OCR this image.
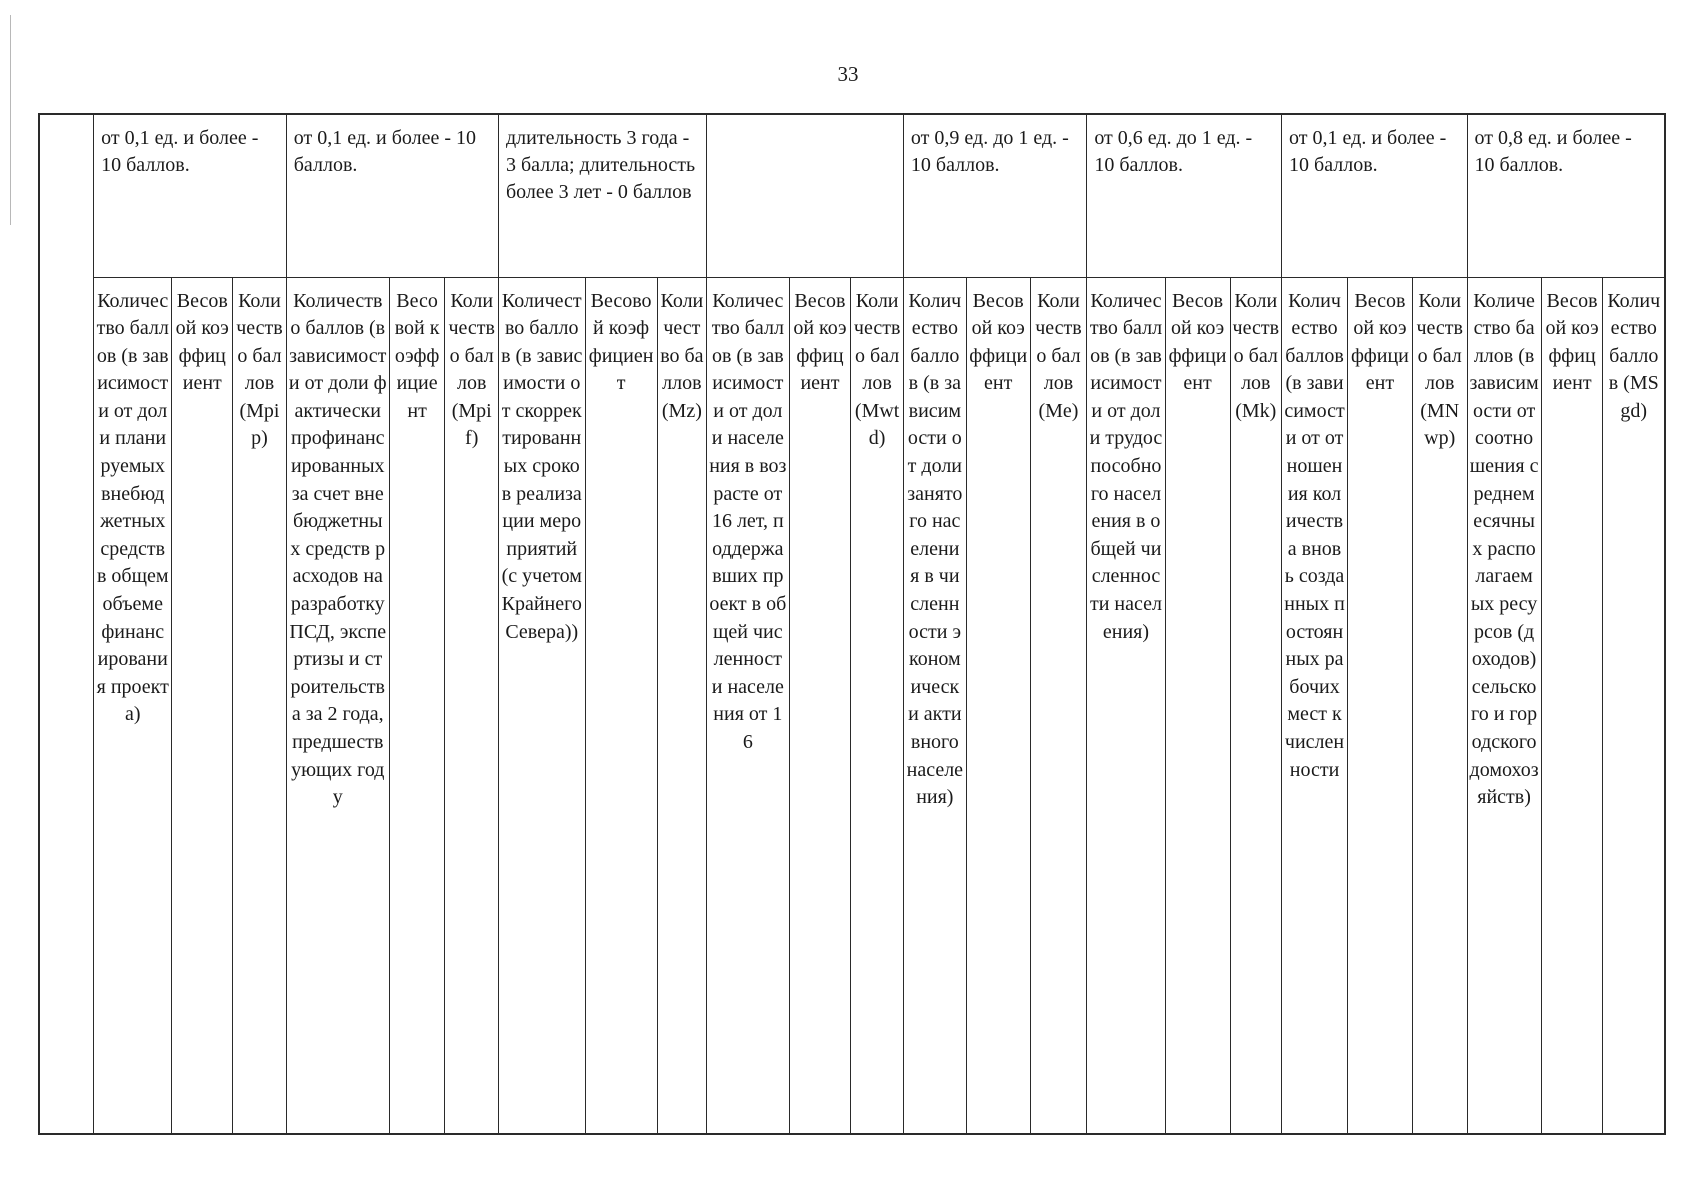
33
	от 0,1 ед. и более - 10 баллов.			от 0,1 ед. и более - 10 баллов.			длительность 3 года - 3 балла; длительность более 3 лет - 0 баллов						от 0,9 ед. до 1 ед. - 10 баллов.			от 0,6 ед. до 1 ед. - 10 баллов.			от 0,1 ед. и более - 10 баллов.			от 0,8 ед. и более - 10 баллов.		
	Количество баллов (в зависимости от доли планируемых внебюджетных средств в общем объеме финансирования проекта)	Весовой коэффициент	Количество баллов (Mpip)	Количество баллов (в зависимости от доли фактически профинансированных за счет внебюджетных средств расходов на разработку ПСД, экспертизы и строительства за 2 года, предшествующих году	Весовой коэффициент	Количество баллов (Mpif)	Количество баллов (в зависимости от скорректированных сроков реализации мероприятий (с учетом Крайнего Севера))	Весовой коэффициент	Количество баллов (Mz)	Количество баллов (в зависимости от доли населения в возрасте от 16 лет, поддержавших проект в общей численности населения от 16	Весовой коэффициент	Количество баллов (Mwtd)	Количество баллов (в зависимости от доли занятого населения в численности экономически активного населения)	Весовой коэффициент	Количество баллов (Me)	Количество баллов (в зависимости от доли трудоспособного населения в общей численности населения)	Весовой коэффициент	Количество баллов (Mk)	Количество баллов (в зависимости от отношения количества вновь созданных постоянных рабочих мест к численности	Весовой коэффициент	Количество баллов (MNwp)	Количество баллов (в зависимости от соотношения среднемесячных располагаемых ресурсов (доходов) сельского и городского домохозяйств)	Весовой коэффициент	Количество баллов (MSgd)
